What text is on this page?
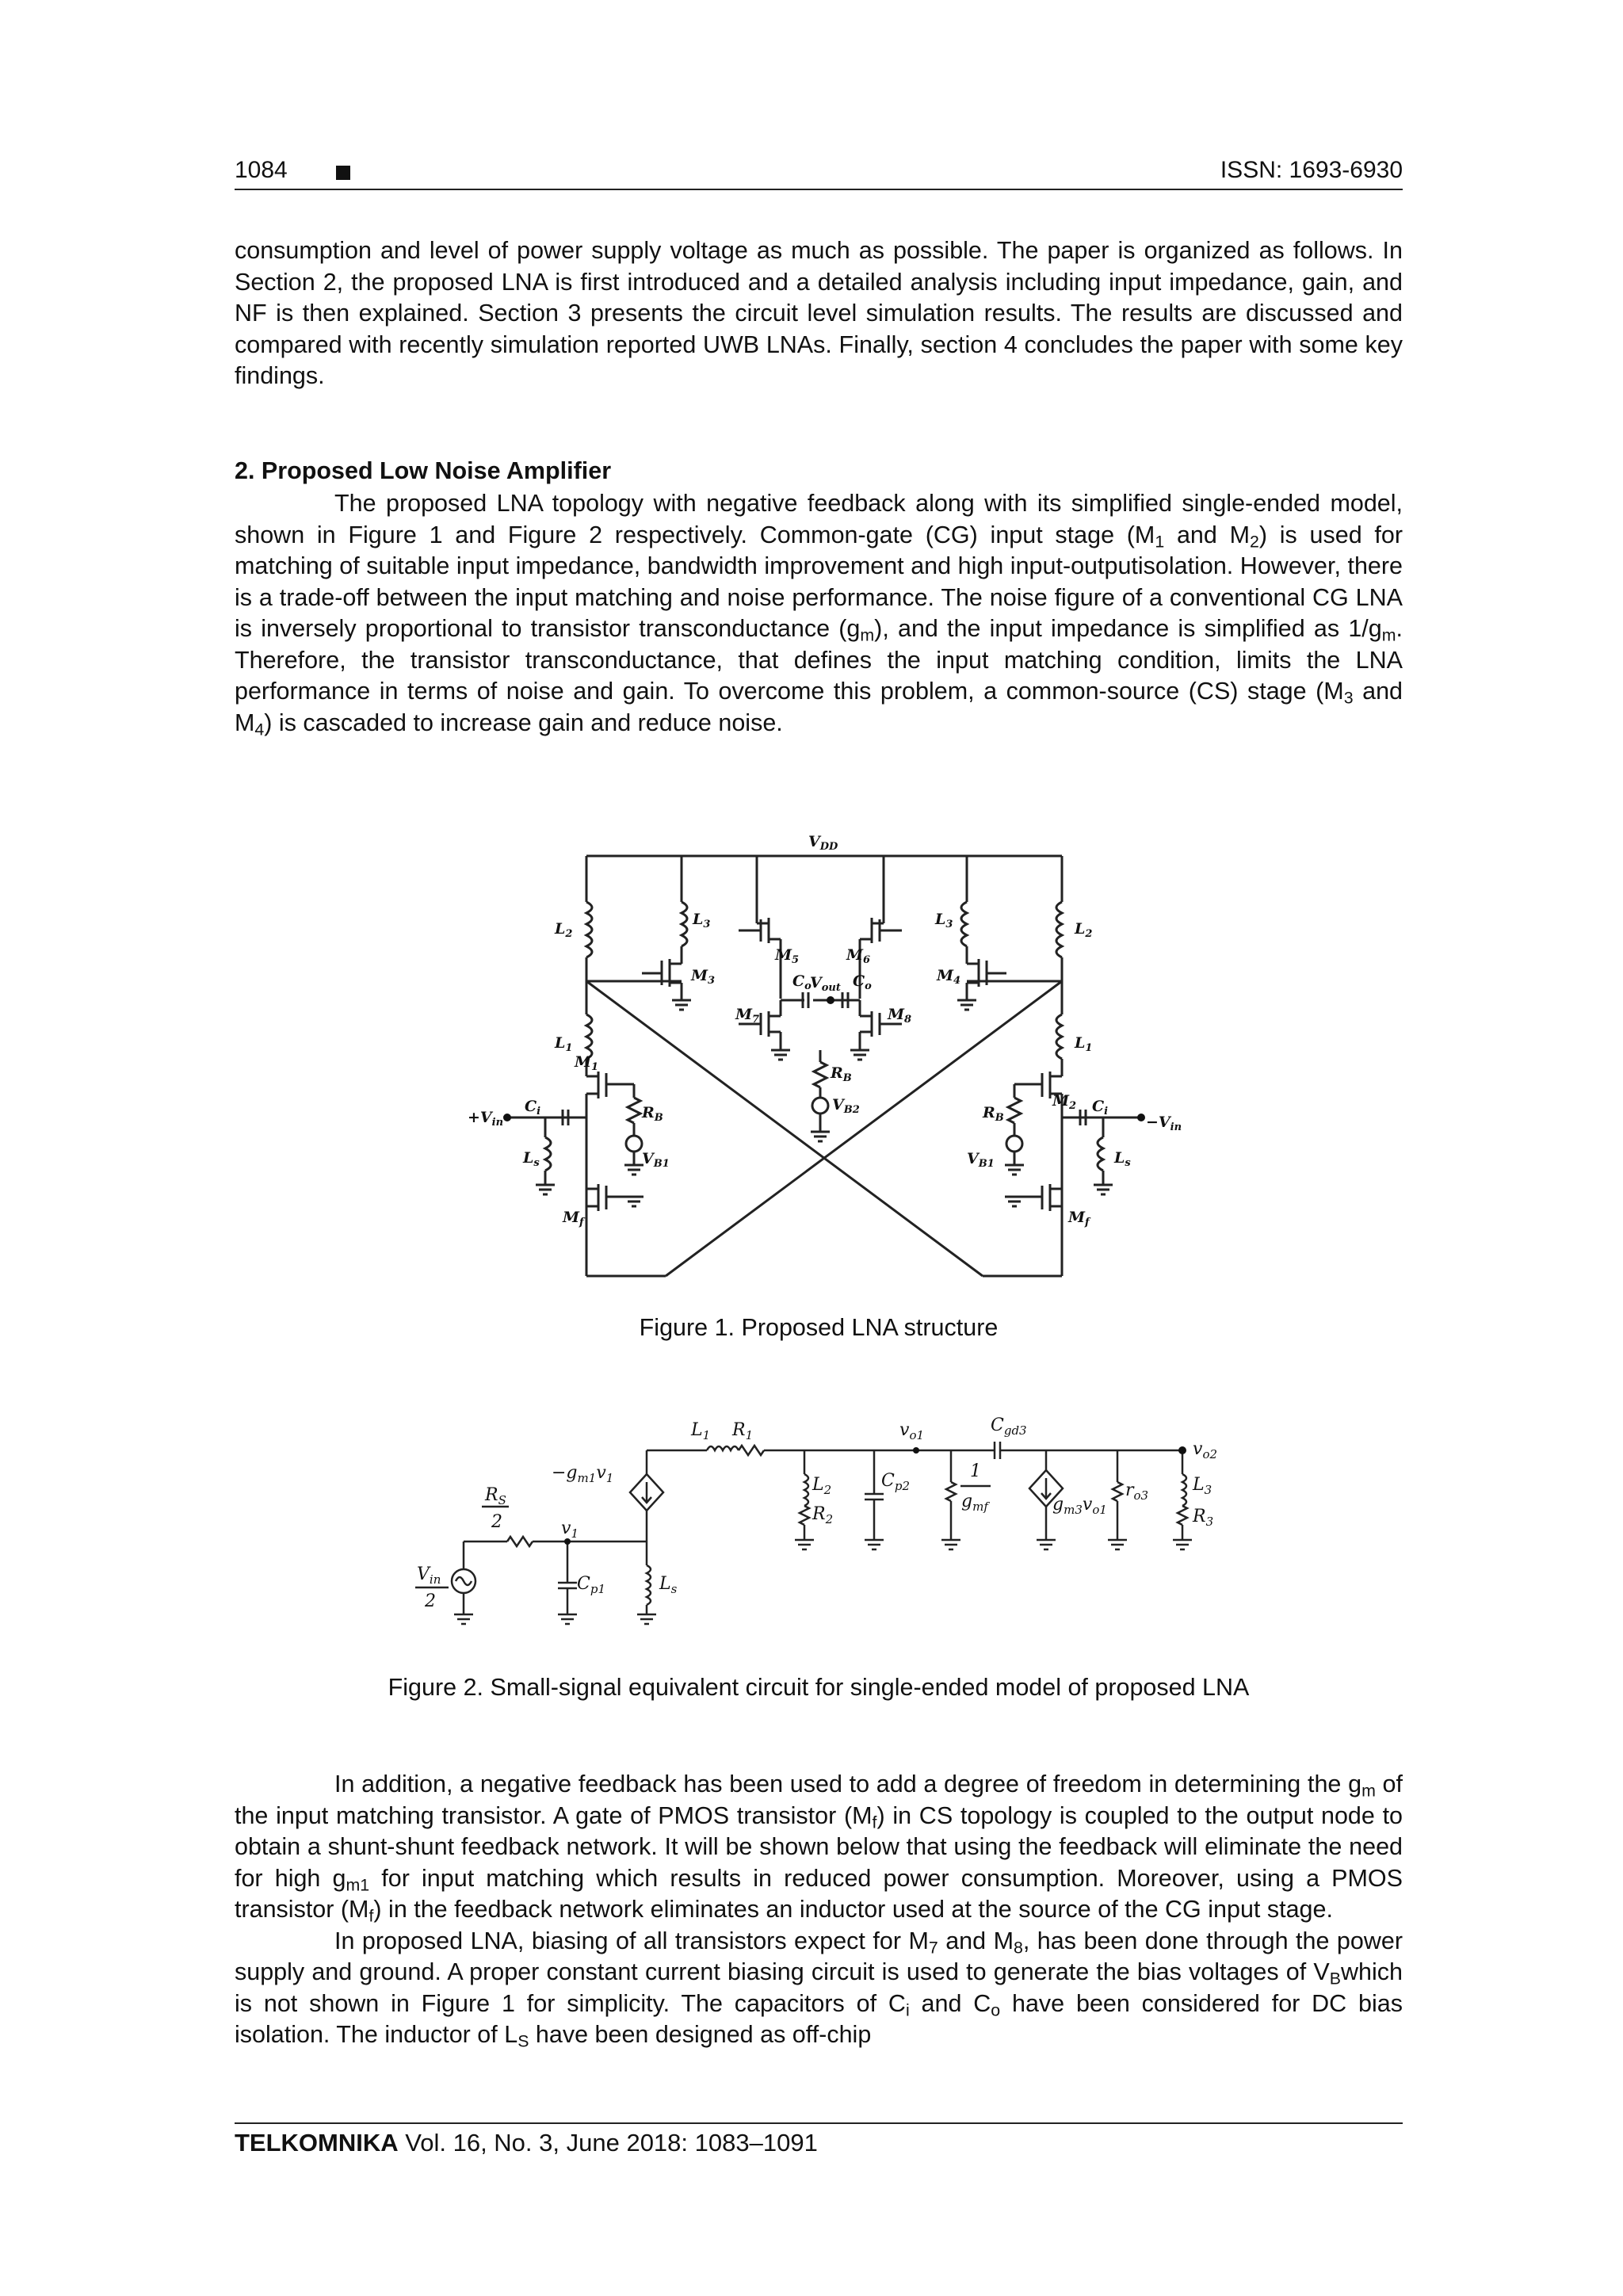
1084	ISSN: 1693-6930

consumption and level of power supply voltage as much as possible. The paper is organized as follows. In Section 2, the proposed LNA is first introduced and a detailed analysis including input impedance, gain, and NF is then explained. Section 3 presents the circuit level simulation results. The results are discussed and compared with recently simulation reported UWB LNAs. Finally, section 4 concludes the paper with some key findings.

2. Proposed Low Noise Amplifier

The proposed LNA topology with negative feedback along with its simplified single-ended model, shown in Figure 1 and Figure 2 respectively. Common-gate (CG) input stage ($M_1$ and $M_2$) is used for matching of suitable input impedance, bandwidth improvement and high input-outputisolation. However, there is a trade-off between the input matching and noise performance. The noise figure of a conventional CG LNA is inversely proportional to transistor transconductance $(g_m)$, and the input impedance is simplified as $1/g_m$. Therefore, the transistor transconductance, that defines the input matching condition, limits the LNA performance in terms of noise and gain. To overcome this problem, a common-source (CS) stage ($M_3$ and $M_4$) is cascaded to increase gain and reduce noise.

$V_{DD}$
$L_2$	$L_2$
$L_3$	$L_3$
$M_3$	$M_4$
$M_5$	$M_6$
$C_o$	$C_o$
$V_{out}$
$M_7$	$M_8$
$R_B$
$V_{B2}$
$L_1$	$L_1$
$M_1$
$M_2$
$R_B$	$R_B$
$V_{B1}$	$V_{B1}$
$C_i$	$C_i$
$+V_{in}$	$-V_{in}$
$L_s$	$L_s$
$M_f$	$M_f$
Figure 1. Proposed LNA structure
$L_1$ $R_1$	$v_{o1}$	$C_{gd3}$
$v_{o2}$
$-g_{m1}v_1$
$R_S$
2	$v_1$
$L_2$
$R_2$
$C_{p2}$
1
$g_{mf}$	$g_{m3}v_{o1}$
$r_{o3}$
$L_3$
$R_3$
$V_{in}$
2
$C_{p1}$	$L_s$
Figure 2. Small-signal equivalent circuit for single-ended model of proposed LNA

In addition, a negative feedback has been used to add a degree of freedom in determining the $g_m$ of the input matching transistor. A gate of PMOS transistor $(M_f)$ in CS topology is coupled to the output node to obtain a shunt-shunt feedback network. It will be shown below that using the feedback will eliminate the need for high $g_{m1}$ for input matching which results in reduced power consumption. Moreover, using a PMOS transistor $(M_f)$ in the feedback network eliminates an inductor used at the source of the CG input stage.

In proposed LNA, biasing of all transistors expect for $M_7$ and $M_8$, has been done through the power supply and ground. A proper constant current biasing circuit is used to generate the bias voltages of $V_Bwhich$ is not shown in Figure 1 for simplicity. The capacitors of $C_i$ and $C_o$ have been considered for DC bias isolation. The inductor of $L_S$ have been designed as off-chip

TELKOMNIKA Vol. 16, No. 3, June 2018: 1083–1091
